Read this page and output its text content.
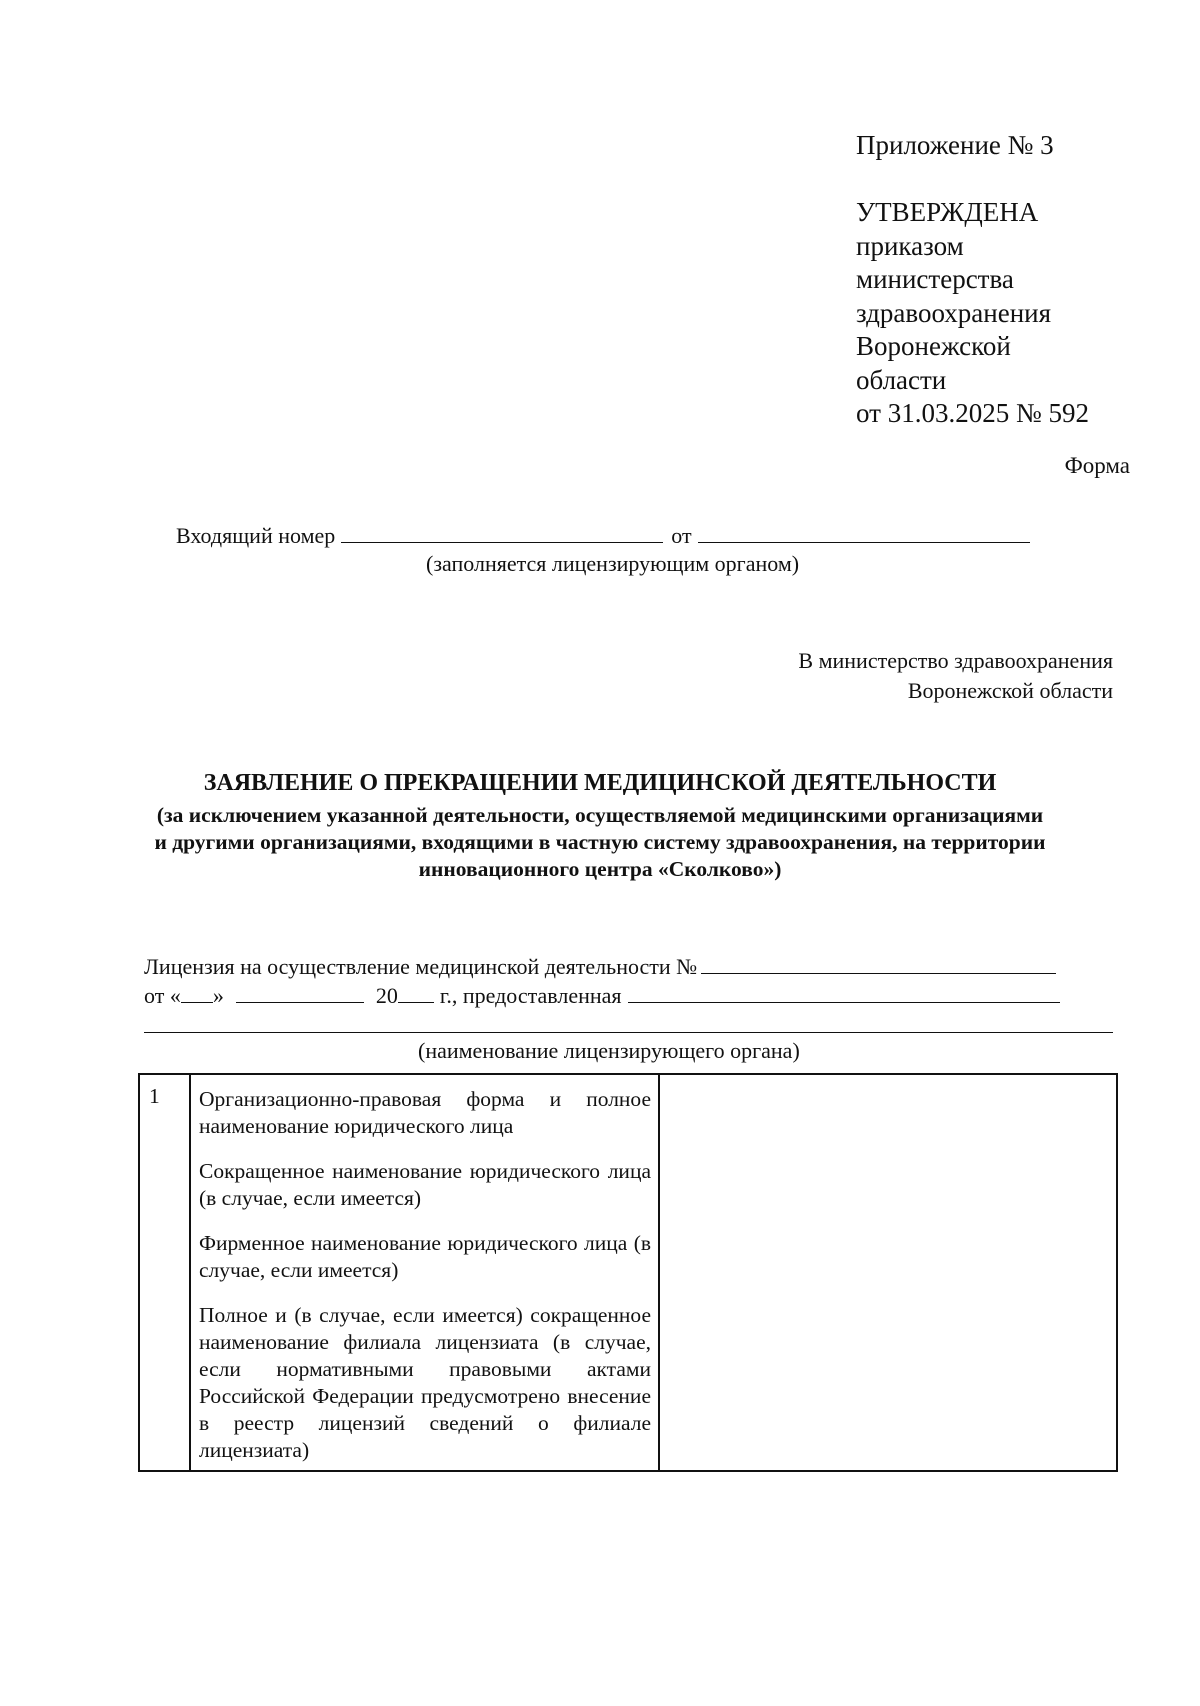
Приложение № 3
УТВЕРЖДЕНА
приказом
министерства
здравоохранения
Воронежской
области
от 31.03.2025 № 592
Форма
Входящий номер	от
(заполняется лицензирующим органом)
В министерство здравоохранения
Воронежской области
ЗАЯВЛЕНИЕ О ПРЕКРАЩЕНИИ МЕДИЦИНСКОЙ ДЕЯТЕЛЬНОСТИ
(за исключением указанной деятельности, осуществляемой медицинскими организациями и другими организациями, входящими в частную систему здравоохранения, на территории инновационного центра «Сколково»)
Лицензия на осуществление медицинской деятельности №
от « »	20 г., предоставленная
(наименование лицензирующего органа)
1	Организационно-правовая форма и полное наименование юридического лица
Сокращенное наименование юридического лица (в случае, если имеется)
Фирменное наименование юридического лица (в случае, если имеется)
Полное и (в случае, если имеется) сокращенное наименование филиала лицензиата (в случае, если нормативными правовыми актами Российской Федерации предусмотрено внесение в реестр лицензий сведений о филиале лицензиата)
